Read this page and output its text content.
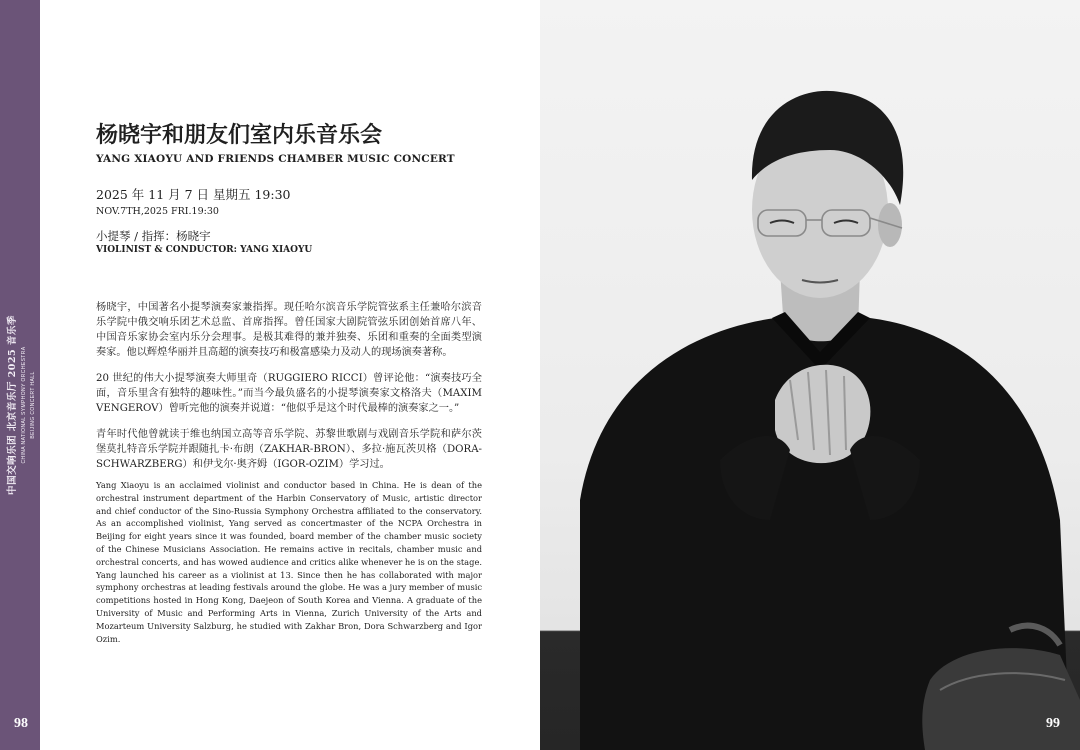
中国交响乐团 北京音乐厅 2025 音乐季 CHINA NATIONAL SYMPHONY ORCHESTRA BEIJING CONCERT HALL
98
杨晓宇和朋友们室内乐音乐会
YANG XIAOYU AND FRIENDS CHAMBER MUSIC CONCERT
2025 年 11 月 7 日 星期五 19:30
NOV.7TH,2025 FRI.19:30
小提琴 / 指挥：杨晓宇
VIOLINIST & CONDUCTOR: YANG XIAOYU

杨晓宇，中国著名小提琴演奏家兼指挥。现任哈尔滨音乐学院管弦系主任兼哈尔滨音乐学院中俄交响乐团艺术总监、首席指挥。曾任国家大剧院管弦乐团创始首席八年、中国音乐家协会室内乐分会理事。是极其难得的兼并独奏、乐团和重奏的全面类型演奏家。他以辉煌华丽并且高超的演奏技巧和极富感染力及动人的现场演奏著称。

20 世纪的伟大小提琴演奏大师里奇（RUGGIERO RICCI）曾评论他：“演奏技巧全面，音乐里含有独特的趣味性。”而当今最负盛名的小提琴演奏家文格洛夫（MAXIM VENGEROV）曾听完他的演奏并说道：“他似乎是这个时代最棒的演奏家之一。”

青年时代他曾就读于维也纳国立高等音乐学院、苏黎世歌剧与戏剧音乐学院和萨尔茨堡莫扎特音乐学院并跟随扎卡·布朗（ZAKHAR-BRON）、多拉·施瓦茨贝格（DORA-SCHWARZBERG）和伊戈尔·奥齐姆（IGOR-OZIM）学习过。

Yang Xiaoyu is an acclaimed violinist and conductor based in China. He is dean of the orchestral instrument department of the Harbin Conservatory of Music, artistic director and chief conductor of the Sino-Russia Symphony Orchestra affiliated to the conservatory. As an accomplished violinist, Yang served as concertmaster of the NCPA Orchestra in Beijing for eight years since it was founded, board member of the chamber music society of the Chinese Musicians Association. He remains active in recitals, chamber music and orchestral concerts, and has wowed audience and critics alike whenever he is on the stage. Yang launched his career as a violinist at 13. Since then he has collaborated with major symphony orchestras at leading festivals around the globe. He was a jury member of music competitions hosted in Hong Kong, Daejeon of South Korea and Vienna. A graduate of the University of Music and Performing Arts in Vienna, Zurich University of the Arts and Mozarteum University Salzburg, he studied with Zakhar Bron, Dora Schwarzberg and Igor Ozim.
99
